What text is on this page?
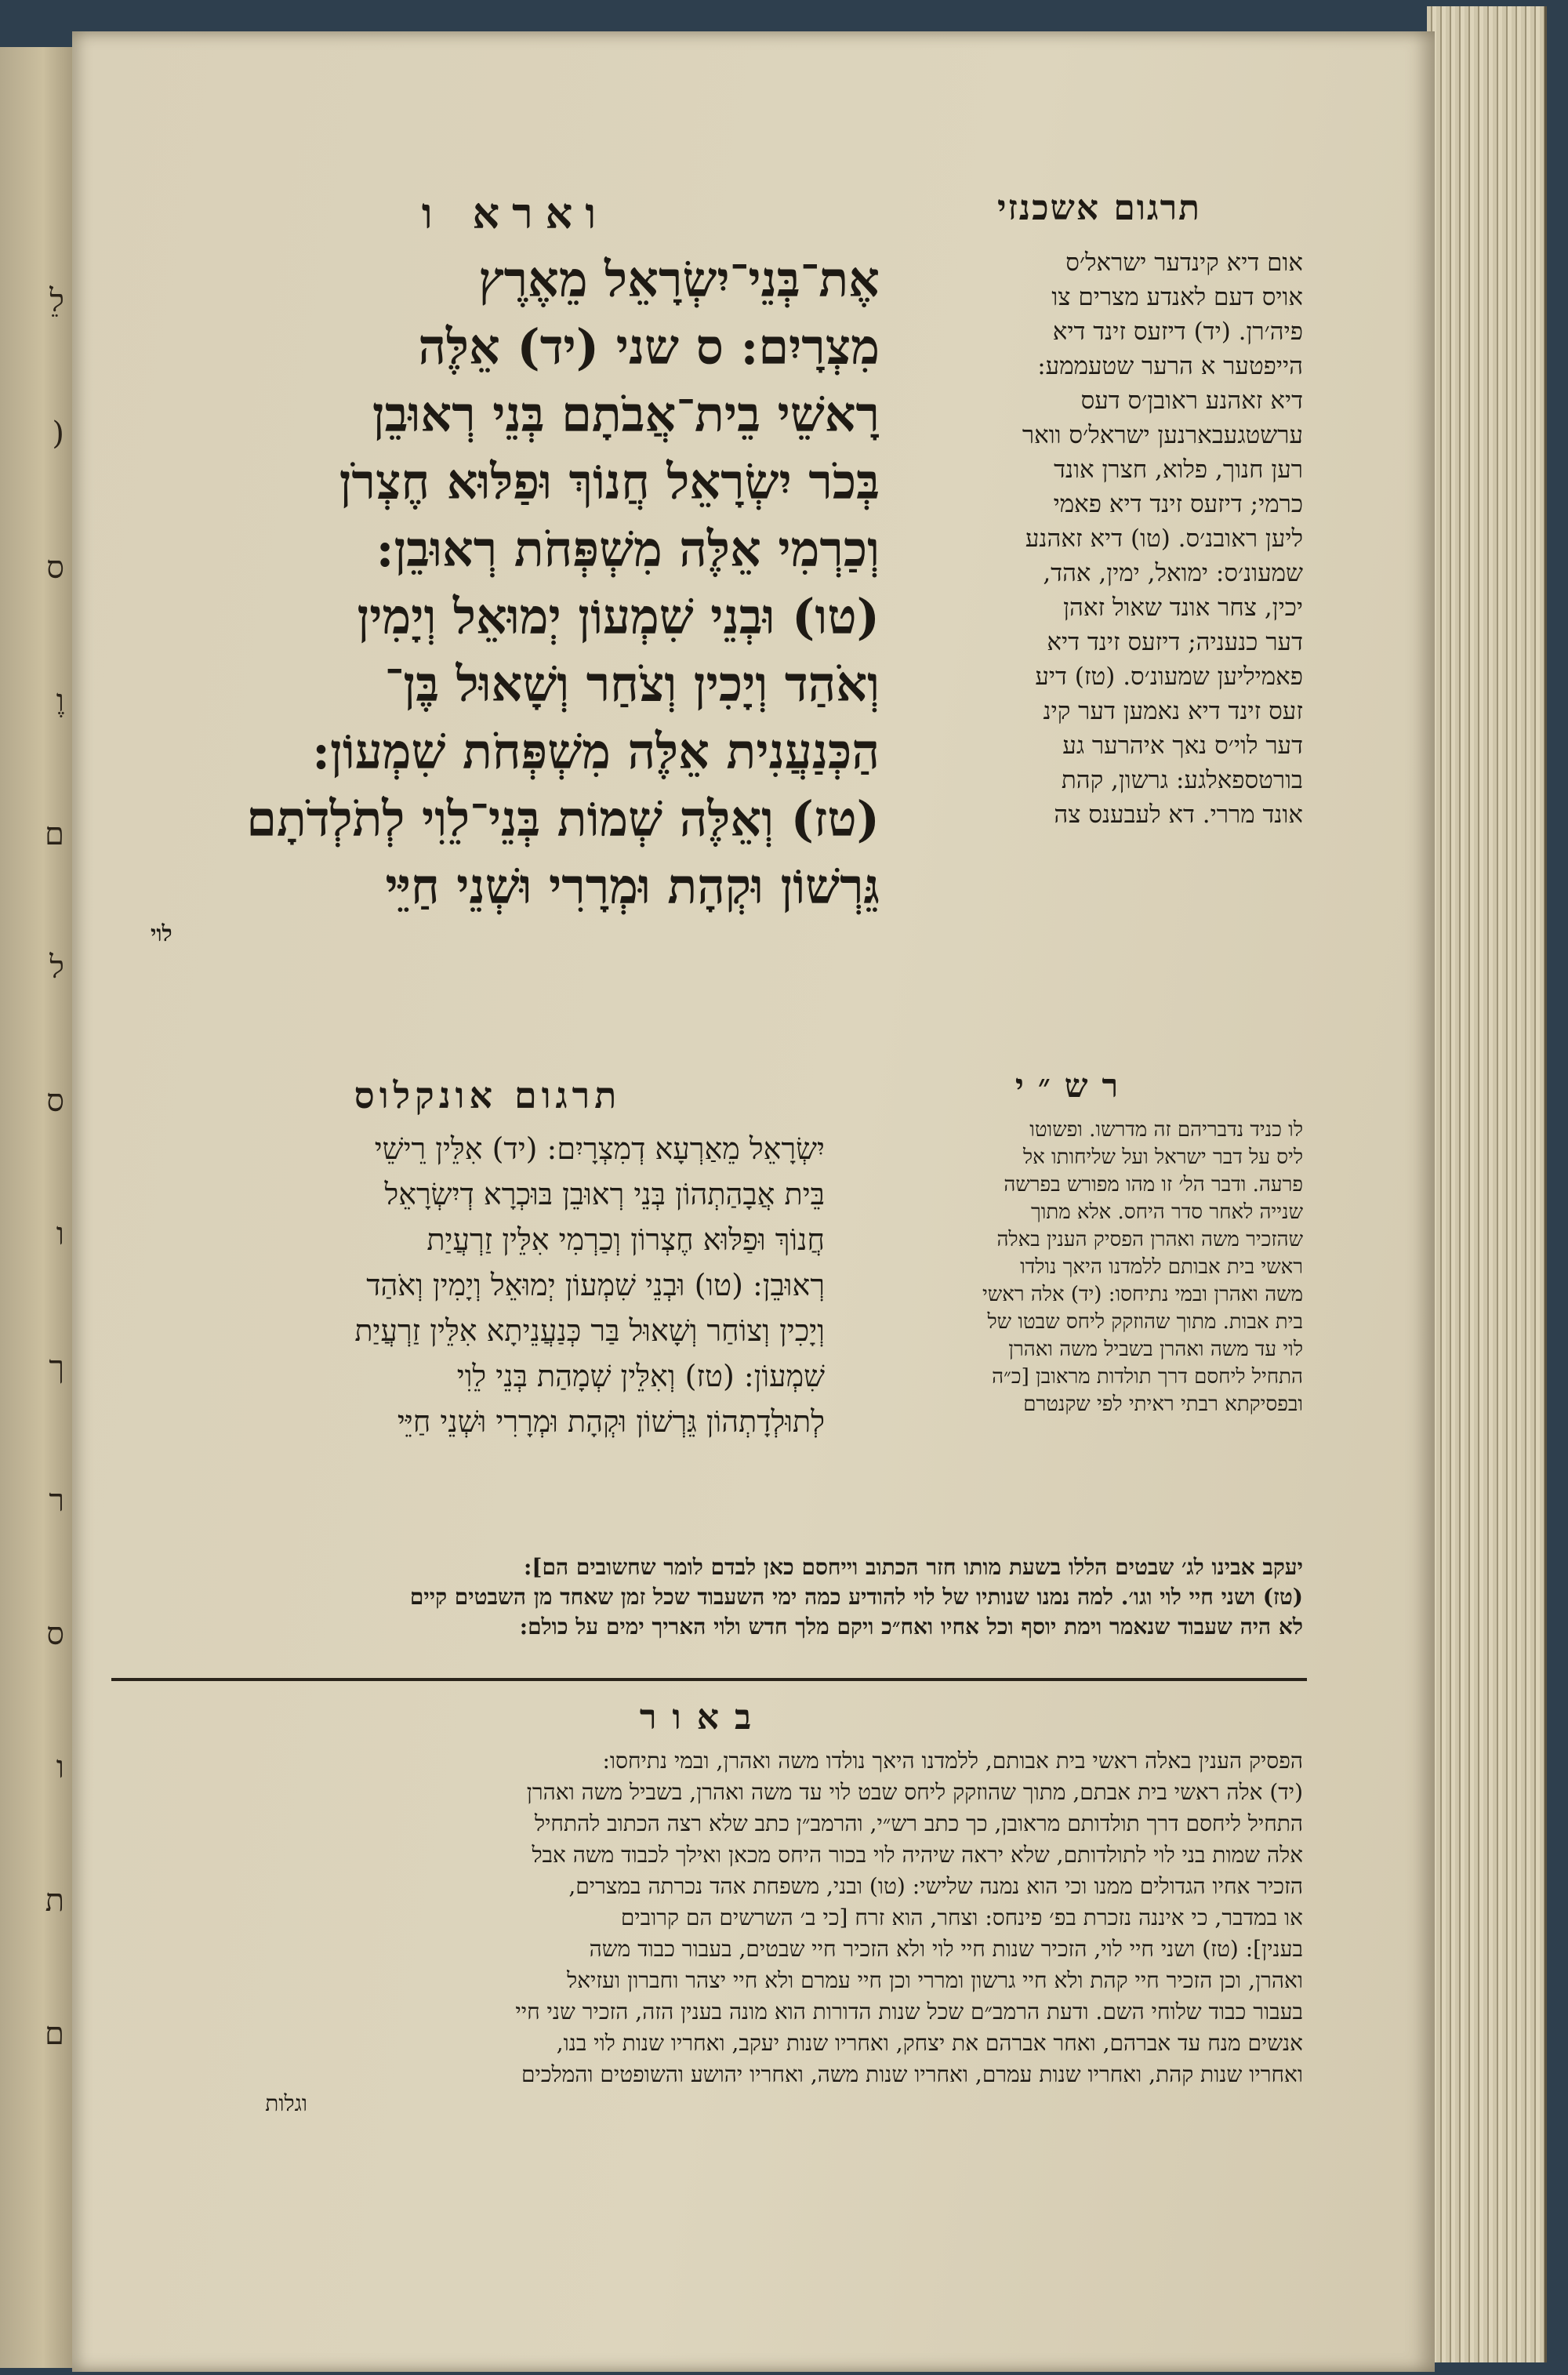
לֵ
(
ס
וֶ
ם
ל
ס
ו
ך
ר
ס
ו
ת
ם
תרגום אשכנזי
אום דיא קינדער ישראל׳ס
אויס דעם לאנדע מצרים צו
פיה׳רן. (יד) דיזעס זינד דיא
הייפטער א הרער שטעממע:
דיא זאהנע ראובן׳ס דעס
ערשטגעבארנען ישראל׳ס וואר
רען חנוך, פלוא, חצרן אונד
כרמי; דיזעס זינד דיא פאמי
ליען ראובנ׳ס. (טו) דיא זאהנע
שמעונ׳ס: ימואל, ימין, אהד,
יכין, צחר אונד שאול זאהן
דער כנעניה; דיזעס זינד דיא
פאמיליען שמעונ׳ס. (טז) דיע
זעס זינד דיא נאמען דער קינ
דער לוי׳ס נאך איהרער גע
בורטספאלגע: גרשון, קהת
אונד מררי. דא לעבענס צה
וארא ו
אֶת־בְּנֵי־יִשְׂרָאֵל מֵאֶרֶץ
מִצְרָיִם: ס שני (יד) אֵלֶּה
רָאשֵׁי בֵית־אֲבֹתָם בְּנֵי רְאוּבֵן
בְּכֹר יִשְׂרָאֵל חֲנוֹךְ וּפַלּוּא חֶצְרֹן
וְכַרְמִי אֵלֶּה מִשְׁפְּחֹת רְאוּבֵן:
(טו) וּבְנֵי שִׁמְעוֹן יְמוּאֵל וְיָמִין
וְאֹהַד וְיָכִין וְצֹחַר וְשָׁאוּל בֶּן־
הַכְּנַעֲנִית אֵלֶּה מִשְׁפְּחֹת שִׁמְעוֹן:
(טז) וְאֵלֶּה שְׁמוֹת בְּנֵי־לֵוִי לְתֹלְדֹתָם
גֵּרְשׁוֹן וּקְהָת וּמְרָרִי וּשְׁנֵי חַיֵּי
לוי
תרגום אונקלוס
יִשְׂרָאֵל מֵאַרְעָא דְמִצְרָיִם: (יד) אִלֵּין רֵישֵׁי
בֵּית אֲבָהַתְהוֹן בְּנֵי רְאוּבֵן בּוּכְרָא דְיִשְׂרָאֵל
חֲנוֹךְ וּפַלּוּא חֶצְרוֹן וְכַרְמִי אִלֵּין זַרְעֲיַת
רְאוּבֵן: (טו) וּבְנֵי שִׁמְעוֹן יְמוּאֵל וְיָמִין וְאֹהַד
וְיָכִין וְצוֹחַר וְשָׁאוּל בַּר כְּנַעֲנֵיתָא אִלֵּין זַרְעֲיַת
שִׁמְעוֹן: (טז) וְאִלֵּין שְׁמָהַת בְּנֵי לֵוִי
לְתוּלְדָתְהוֹן גֵּרְשׁוֹן וּקְהָת וּמְרָרִי וּשְׁנֵי חַיֵּי
רש״י
לו כניד נדבריהם זה מדרשו. ופשוטו
ליס על דבר ישראל ועל שליחותו אל
פרעה. ודבר הל׳ זו מהו מפורש בפרשה
שנייה לאחר סדר היחס. אלא מתוך
שהזכיר משה ואהרן הפסיק הענין באלה
ראשי בית אבותם ללמדנו היאך נולדו
משה ואהרן ובמי נתיחסו: (יד) אלה ראשי
בית אבות. מתוך שהוזקק ליחס שבטו של
לוי עד משה ואהרן בשביל משה ואהרן
התחיל ליחסם דרך תולדות מראובן [כ״ה
ובפסיקתא רבתי ראיתי לפי שקנטרם
יעקב אבינו לג׳ שבטים הללו בשעת מותו חזר הכתוב וייחסם כאן לבדם לומר שחשובים הם]:
(טז) ושני חיי לוי וגו׳. למה נמנו שנותיו של לוי להודיע כמה ימי השעבוד שכל זמן שאחד מן השבטים קיים
לא היה שעבוד שנאמר וימת יוסף וכל אחיו ואח״כ ויקם מלך חדש ולוי האריך ימים על כולם:
באור
הפסיק הענין באלה ראשי בית אבותם, ללמדנו היאך נולדו משה ואהרן, ובמי נתיחסו:
(יד) אלה ראשי בית אבתם, מתוך שהוזקק ליחס שבט לוי עד משה ואהרן, בשביל משה ואהרן
התחיל ליחסם דרך תולדותם מראובן, כך כתב רש״י, והרמב״ן כתב שלא רצה הכתוב להתחיל
אלה שמות בני לוי לתולדותם, שלא יראה שיהיה לוי בכור היחס מכאן ואילך לכבוד משה אבל
הזכיר אחיו הגדולים ממנו וכי הוא נמנה שלישי: (טו) ובני, משפחת אהד נכרתה במצרים,
או במדבר, כי איננה נזכרת בפ׳ פינחס: וצחר, הוא זרח [כי ב׳ השרשים הם קרובים
בענין]: (טז) ושני חיי לוי, הזכיר שנות חיי לוי ולא הזכיר חיי שבטים, בעבור כבוד משה
ואהרן, וכן הזכיר חיי קהת ולא חיי גרשון ומררי וכן חיי עמרם ולא חיי יצהר וחברון ועזיאל
בעבור כבוד שלוחי השם. ודעת הרמב״ם שכל שנות הדורות הוא מונה בענין הזה, הזכיר שני חיי
אנשים מנח עד אברהם, ואחר אברהם את יצחק, ואחריו שנות יעקב, ואחריו שנות לוי בנו,
ואחריו שנות קהת, ואחריו שנות עמרם, ואחריו שנות משה, ואחריו יהושע והשופטים והמלכים
וגלות
